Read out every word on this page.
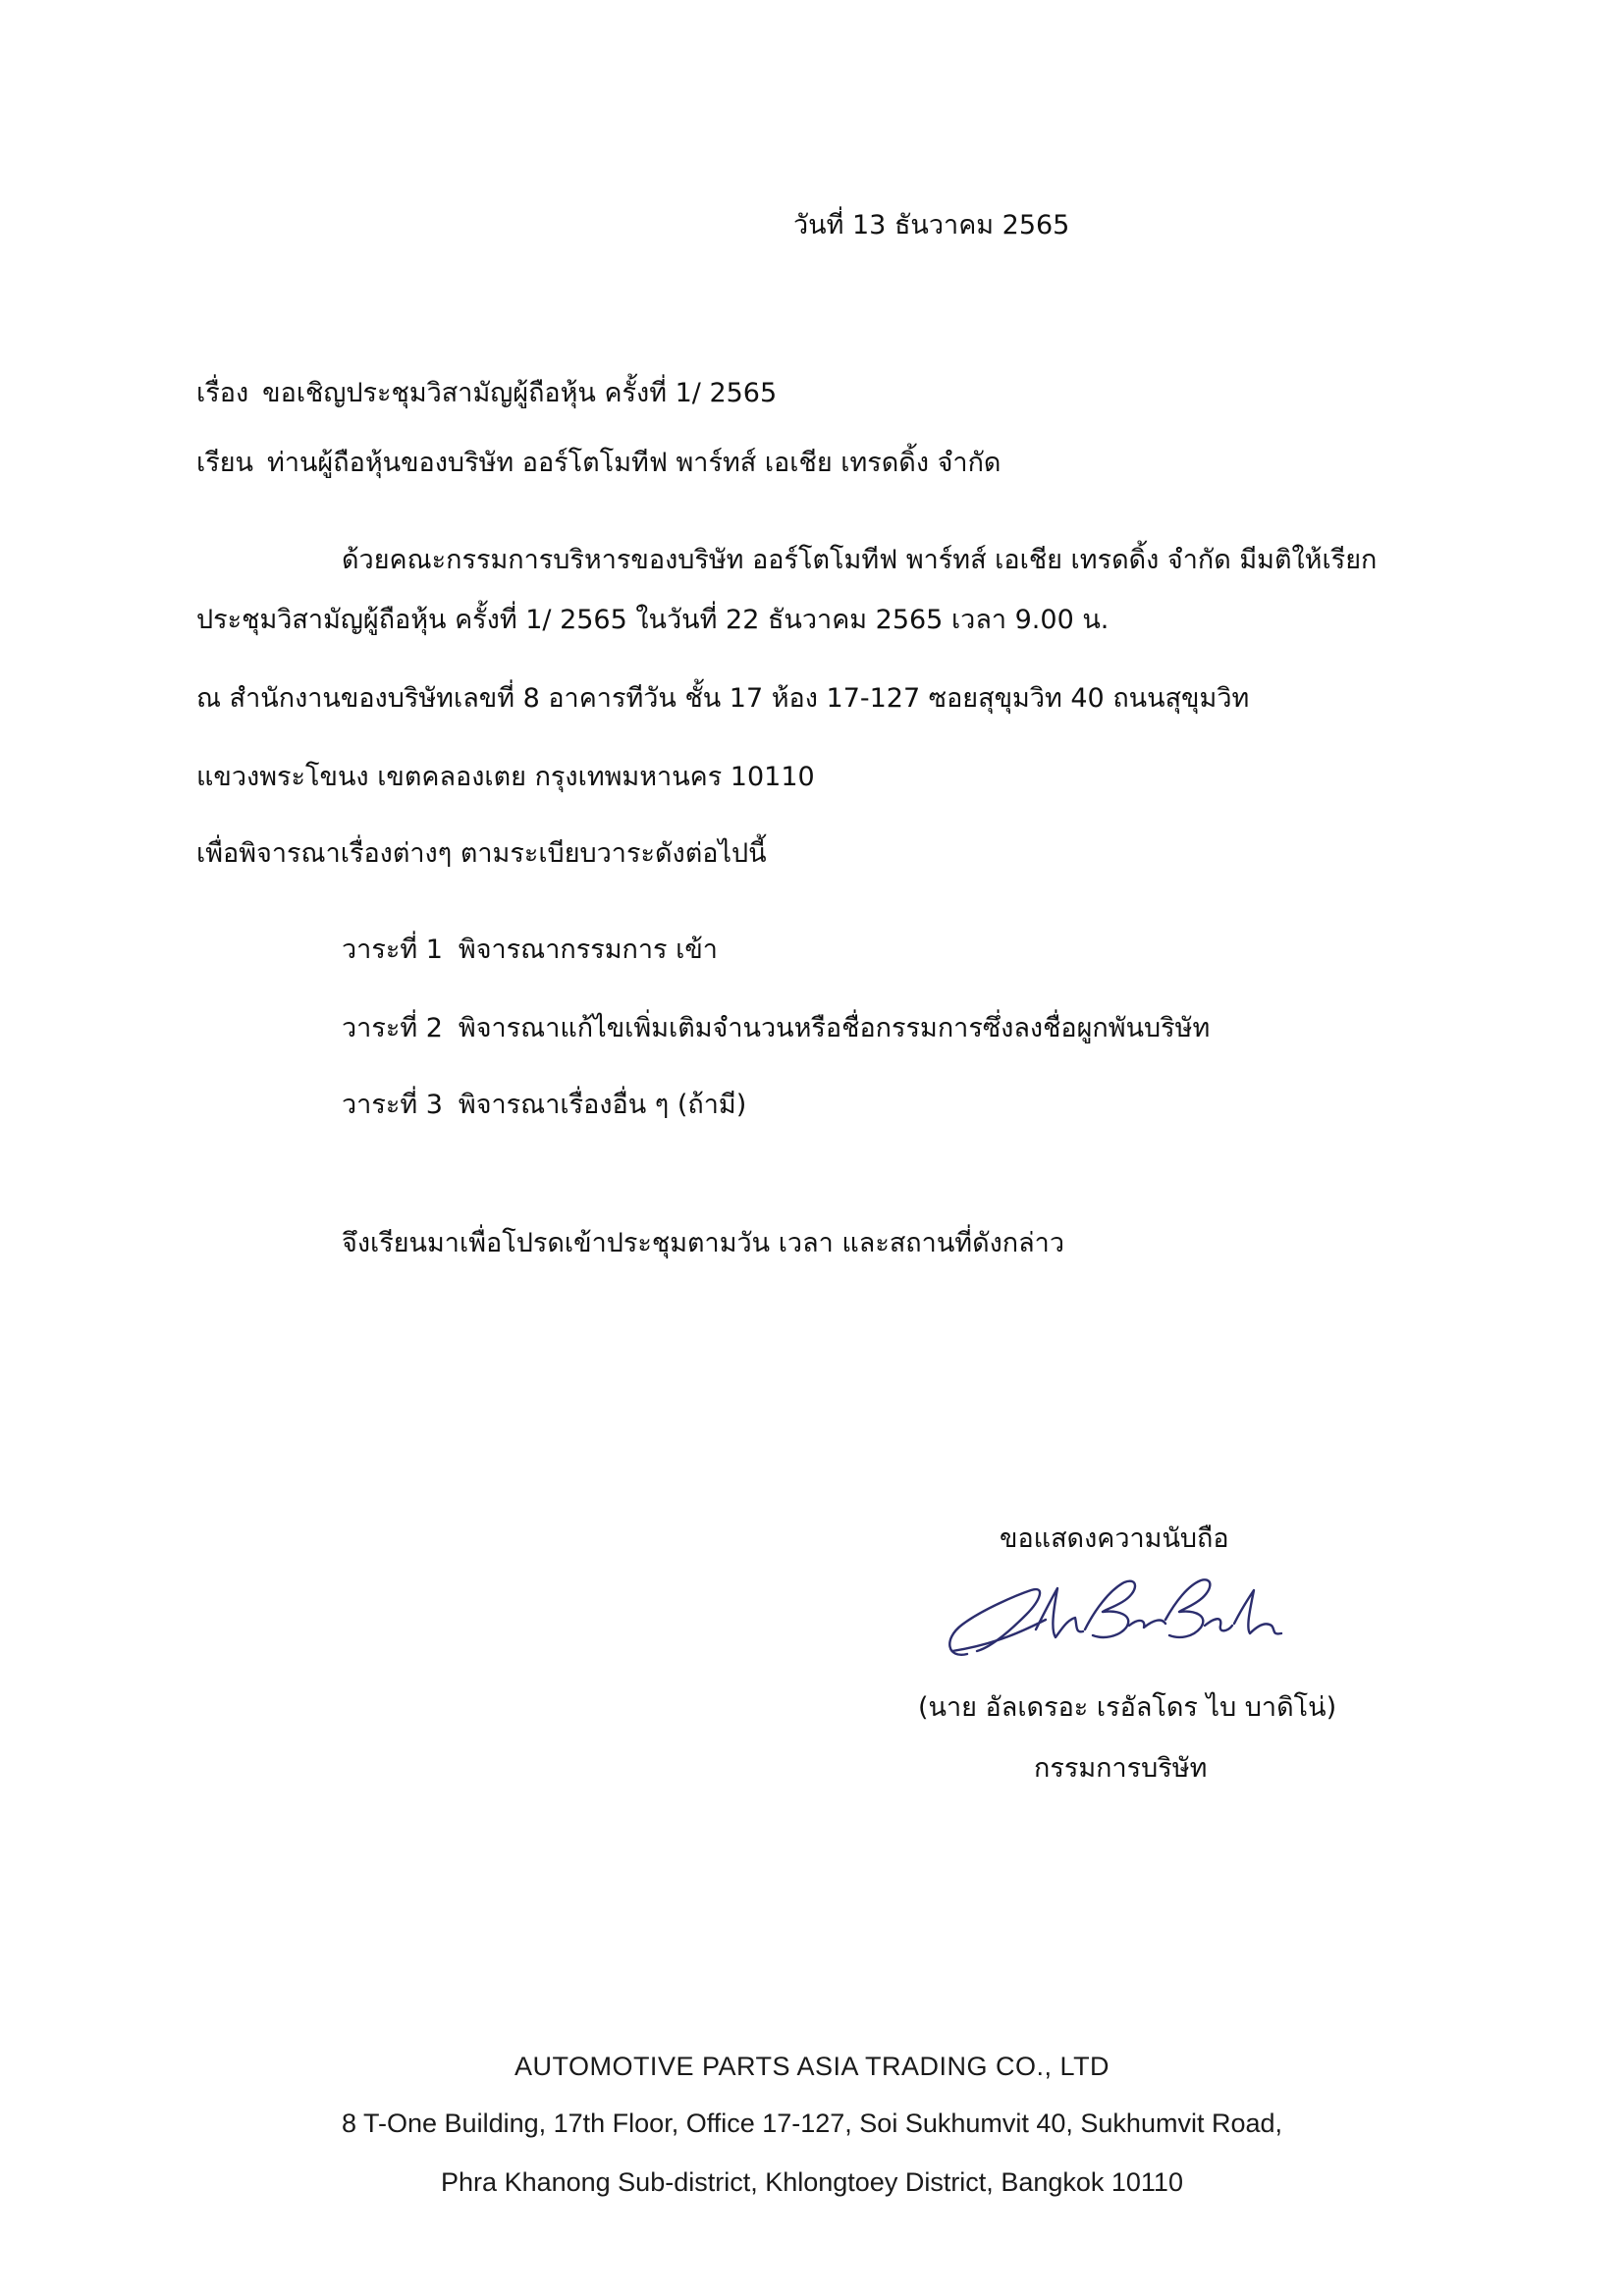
วันที่ 13 ธันวาคม 2565
เรื่อง ขอเชิญประชุมวิสามัญผู้ถือหุ้น ครั้งที่ 1/ 2565
เรียน ท่านผู้ถือหุ้นของบริษัท ออร์โตโมทีฟ พาร์ทส์ เอเชีย เทรดดิ้ง จำกัด
ด้วยคณะกรรมการบริหารของบริษัท ออร์โตโมทีฟ พาร์ทส์ เอเชีย เทรดดิ้ง จำกัด มีมติให้เรียก
ประชุมวิสามัญผู้ถือหุ้น ครั้งที่ 1/ 2565 ในวันที่ 22 ธันวาคม 2565 เวลา 9.00 น.
ณ สำนักงานของบริษัทเลขที่ 8 อาคารทีวัน ชั้น 17 ห้อง 17-127 ซอยสุขุมวิท 40 ถนนสุขุมวิท
แขวงพระโขนง เขตคลองเตย กรุงเทพมหานคร 10110
เพื่อพิจารณาเรื่องต่างๆ ตามระเบียบวาระดังต่อไปนี้
วาระที่ 1 พิจารณากรรมการ เข้า
วาระที่ 2 พิจารณาแก้ไขเพิ่มเติมจำนวนหรือชื่อกรรมการซึ่งลงชื่อผูกพันบริษัท
วาระที่ 3 พิจารณาเรื่องอื่น ๆ (ถ้ามี)
จึงเรียนมาเพื่อโปรดเข้าประชุมตามวัน เวลา และสถานที่ดังกล่าว
ขอแสดงความนับถือ
(นาย อัลเดรอะ เรอัลโดร ไบ บาดิโน่)
กรรมการบริษัท
AUTOMOTIVE PARTS ASIA TRADING CO., LTD
8 T-One Building, 17th Floor, Office 17-127, Soi Sukhumvit 40, Sukhumvit Road,
Phra Khanong Sub-district, Khlongtoey District, Bangkok 10110
